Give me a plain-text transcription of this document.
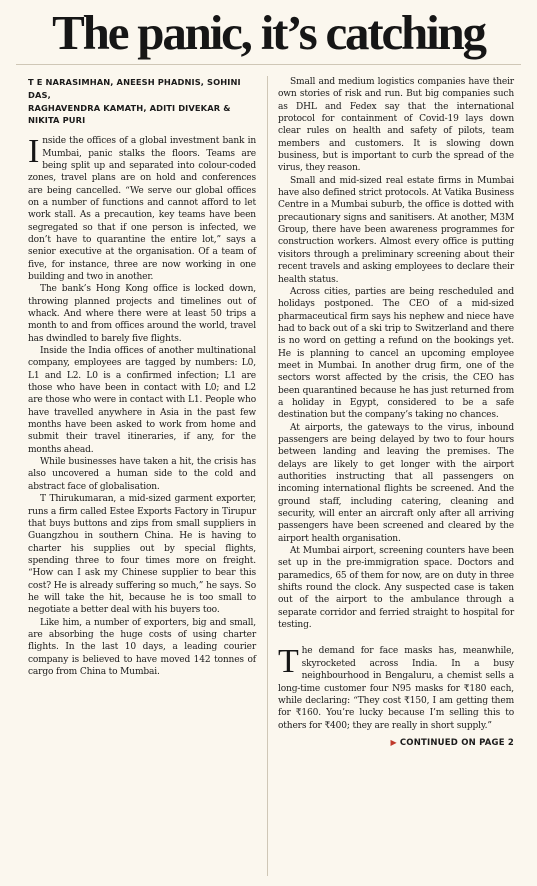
The panic, it’s catching
T E NARASIMHAN, ANEESH PHADNIS, SOHINI DAS,
RAGHAVENDRA KAMATH, ADITI DIVEKAR & NIKITA PURI

I nside the offices of a global investment bank in Mumbai, panic stalks the floors. Teams are being split up and separated into colour-coded zones, travel plans are on hold and conferences are being cancelled. “We serve our global offices on a number of functions and cannot afford to let work stall. As a precaution, key teams have been segregated so that if one person is infected, we don’t have to quarantine the entire lot,” says a senior executive at the organisation. Of a team of five, for instance, three are now working in one building and two in another.

The bank’s Hong Kong office is locked down, throwing planned projects and timelines out of whack. And where there were at least 50 trips a month to and from offices around the world, travel has dwindled to barely five flights.

Inside the India offices of another multinational company, employees are tagged by numbers: L0, L1 and L2. L0 is a confirmed infection; L1 are those who have been in contact with L0; and L2 are those who were in contact with L1. People who have travelled anywhere in Asia in the past few months have been asked to work from home and submit their travel itineraries, if any, for the months ahead.

While businesses have taken a hit, the crisis has also uncovered a human side to the cold and abstract face of globalisation.

T Thirukumaran, a mid-sized garment exporter, runs a firm called Estee Exports Factory in Tirupur that buys buttons and zips from small suppliers in Guangzhou in southern China. He is having to charter his supplies out by special flights, spending three to four times more on freight. “How can I ask my Chinese supplier to bear this cost? He is already suffering so much,” he says. So he will take the hit, because he is too small to negotiate a better deal with his buyers too.

Like him, a number of exporters, big and small, are absorbing the huge costs of using charter flights. In the last 10 days, a leading courier company is believed to have moved 142 tonnes of cargo from China to Mumbai.

Small and medium logistics companies have their own stories of risk and run. But big companies such as DHL and Fedex say that the international protocol for containment of Covid-19 lays down clear rules on health and safety of pilots, team members and customers. It is slowing down business, but is important to curb the spread of the virus, they reason.

Small and mid-sized real estate firms in Mumbai have also defined strict protocols. At Vatika Business Centre in a Mumbai suburb, the office is dotted with precautionary signs and sanitisers. At another, M3M Group, there have been awareness programmes for construction workers. Almost every office is putting visitors through a preliminary screening about their recent travels and asking employees to declare their health status.

Across cities, parties are being rescheduled and holidays postponed. The CEO of a mid-sized pharmaceutical firm says his nephew and niece have had to back out of a ski trip to Switzerland and there is no word on getting a refund on the bookings yet. He is planning to cancel an upcoming employee meet in Mumbai. In another drug firm, one of the sectors worst affected by the crisis, the CEO has been quarantined because he has just returned from a holiday in Egypt, considered to be a safe destination but the company’s taking no chances.

At airports, the gateways to the virus, inbound passengers are being delayed by two to four hours between landing and leaving the premises. The delays are likely to get longer with the airport authorities instructing that all passengers on incoming international flights be screened. And the ground staff, including catering, cleaning and security, will enter an aircraft only after all arriving passengers have been screened and cleared by the airport health organisation.

At Mumbai airport, screening counters have been set up in the pre-immigration space. Doctors and paramedics, 65 of them for now, are on duty in three shifts round the clock. Any suspected case is taken out of the airport to the ambulance through a separate corridor and ferried straight to hospital for testing.

T he demand for face masks has, meanwhile, skyrocketed across India. In a busy neighbourhood in Bengaluru, a chemist sells a long-time customer four N95 masks for ₹180 each, while declaring: “They cost ₹150, I am getting them for ₹160. You’re lucky because I’m selling this to others for ₹400; they are really in short supply.”

▶ CONTINUED ON PAGE 2
